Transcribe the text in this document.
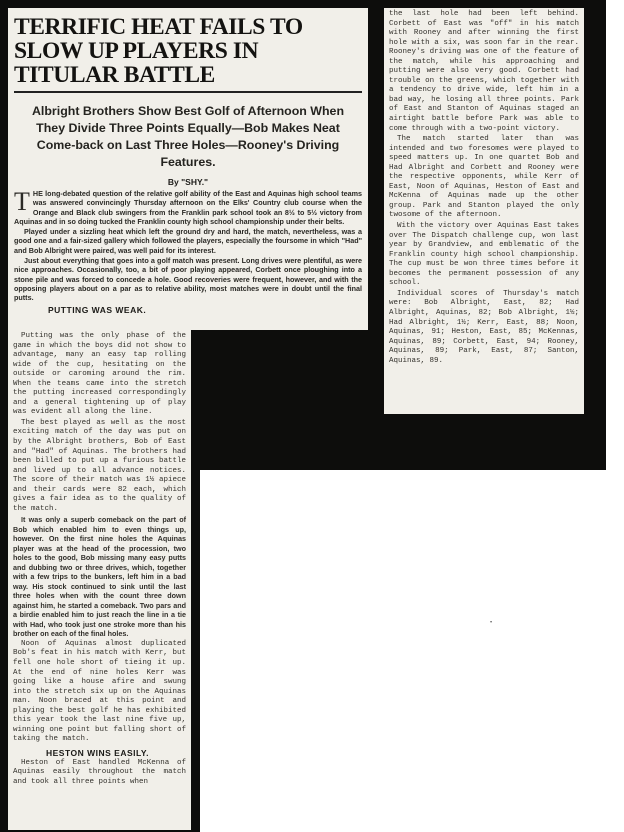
TERRIFIC HEAT FAILS TO SLOW UP PLAYERS IN TITULAR BATTLE
Albright Brothers Show Best Golf of Afternoon When They Divide Three Points Equally—Bob Makes Neat Come-back on Last Three Holes—Rooney's Driving Features.
By "SHY."

THE long-debated question of the relative golf ability of the East and Aquinas high school teams was answered convincingly Thursday afternoon on the Elks' Country club course when the Orange and Black club swingers from the Franklin park school took an 8½ to 5½ victory from Aquinas and in so doing tucked the Franklin county high school championship under their belts.

Played under a sizzling heat which left the ground dry and hard, the match, nevertheless, was a good one and a fair-sized gallery which followed the players, especially the foursome in which "Had" and Bob Albright were paired, was well paid for its interest.

Just about everything that goes into a golf match was present. Long drives were plentiful, as were nice approaches. Occasionally, too, a bit of poor playing appeared, Corbett once ploughing into a stone pile and was forced to concede a hole. Good recoveries were frequent, however, and with the opposing players about on a par as to relative ability, most matches were in doubt until the final putts.

PUTTING WAS WEAK.

the last hole had been left behind. Corbett of East was "off" in his match with Rooney and after winning the first hole with a six, was soon far in the rear. Rooney's driving was one of the feature of the match, while his approaching and putting were also very good. Corbett had trouble on the greens, which together with a tendency to drive wide, left him in a bad way, he losing all three points. Park of East and Stanton of Aquinas staged an airtight battle before Park was able to come through with a two-point victory.

The match started later than was intended and two foresomes were played to speed matters up. In one quartet Bob and Had Albright and Corbett and Rooney were the respective opponents, while Kerr of East, Noon of Aquinas, Heston of East and McKenna of Aquinas made up the other group. Park and Stanton played the only twosome of the afternoon.

With the victory over Aquinas East takes over The Dispatch challenge cup, won last year by Grandview, and emblematic of the Franklin county high school championship. The cup must be won three times before it becomes the permanent possession of any school.

Individual scores of Thursday's match were: Bob Albright, East, 82; Had Albright, Aquinas, 82; Bob Albright, 1½; Had Albright, 1½; Kerr, East, 88; Noon, Aquinas, 91; Heston, East, 85; McKennas, Aquinas, 89; Corbett, East, 94; Rooney, Aquinas, 89; Park, East, 87; Santon, Aquinas, 89.

Putting was the only phase of the game in which the boys did not show to advantage, many an easy tap rolling wide of the cup, hesitating on the outside or caroming around the rim. When the teams came into the stretch the putting increased correspondingly and a general tightening up of play was evident all along the line.

The best played as well as the most exciting match of the day was put on by the Albright brothers, Bob of East and "Had" of Aquinas. The brothers had been billed to put up a furious battle and lived up to all advance notices. The score of their match was 1½ apiece and their cards were 82 each, which gives a fair idea as to the quality of the match.

It was only a superb comeback on the part of Bob which enabled him to even things up, however. On the first nine holes the Aquinas player was at the head of the procession, two holes to the good, Bob missing many easy putts and dubbing two or three drives, which, together with a few trips to the bunkers, left him in a bad way. His stock continued to sink until the last three holes when with the count three down against him, he started a comeback. Two pars and a birdie enabled him to just reach the line in a tie with Had, who took just one stroke more than his brother on each of the final holes.

Noon of Aquinas almost duplicated Bob's feat in his match with Kerr, but fell one hole short of tieing it up. At the end of nine holes Kerr was going like a house afire and swung into the stretch six up on the Aquinas man. Noon braced at this point and playing the best golf he has exhibited this year took the last nine five up, winning one point but falling short of taking the match.

HESTON WINS EASILY.

Heston of East handled McKenna of Aquinas easily throughout the match and took all three points when

•
